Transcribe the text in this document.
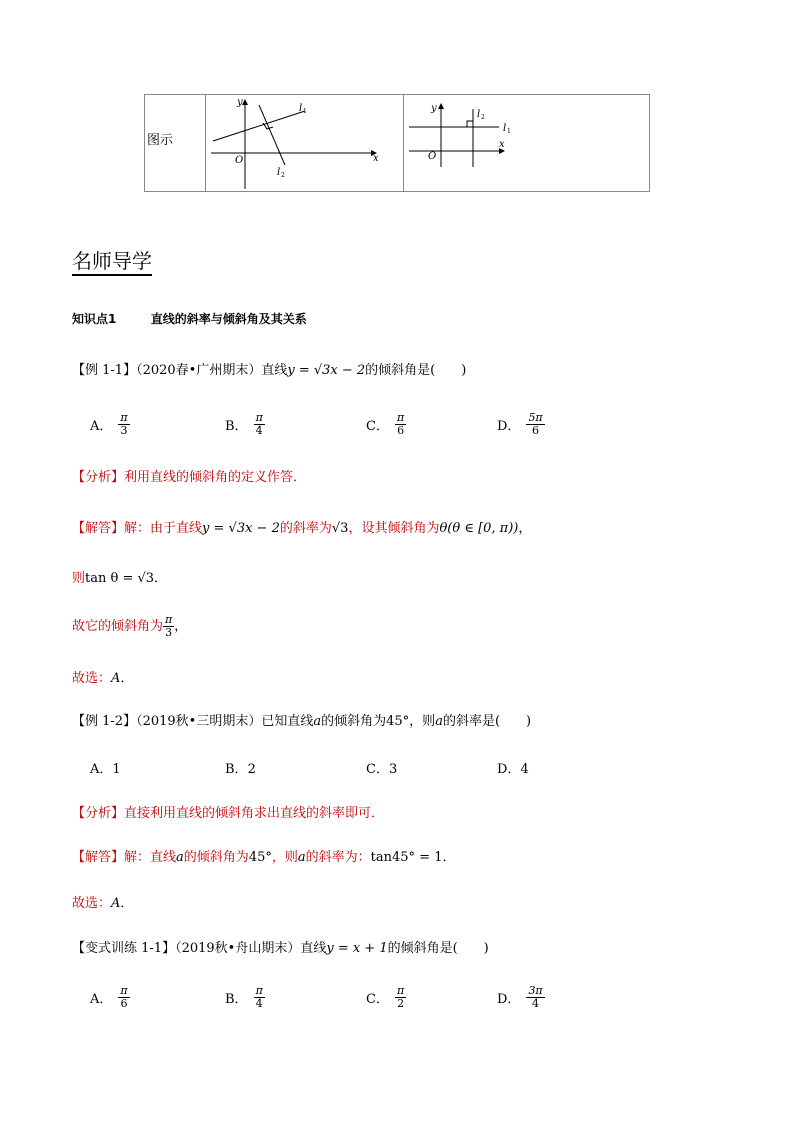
图示
y
x
O
l 1
l 2
y
x
O
l 1
l 2
名师导学
知识点1	直线的斜率与倾斜角及其关系
【例 1-1】（2020春•广州期末）直线y = √3x − 2的倾斜角是(　　)
A． $\frac{\pi}{3}$	B． $\frac{\pi}{4}$	C． $\frac{\pi}{6}$	D． $\frac{5\pi}{6}$
【分析】利用直线的倾斜角的定义作答．
【解答】解：由于直线y = √3x − 2的斜率为√3，设其倾斜角为θ(θ ∈ [0, π))，
则tan θ = √3．
故它的倾斜角为 $\frac{\pi}{3}$ ，
故选：A．
【例 1-2】（2019秋•三明期末）已知直线a的倾斜角为45°，则a的斜率是(　　)
A．1	B．2	C．3	D．4
【分析】直接利用直线的倾斜角求出直线的斜率即可．
【解答】解：直线a的倾斜角为45°，则a的斜率为：tan45° = 1．
故选：A．
【变式训练 1-1】（2019秋•舟山期末）直线y = x + 1的倾斜角是(　　)
A． $\frac{\pi}{6}$	B． $\frac{\pi}{4}$	C． $\frac{\pi}{2}$	D． $\frac{3\pi}{4}$
